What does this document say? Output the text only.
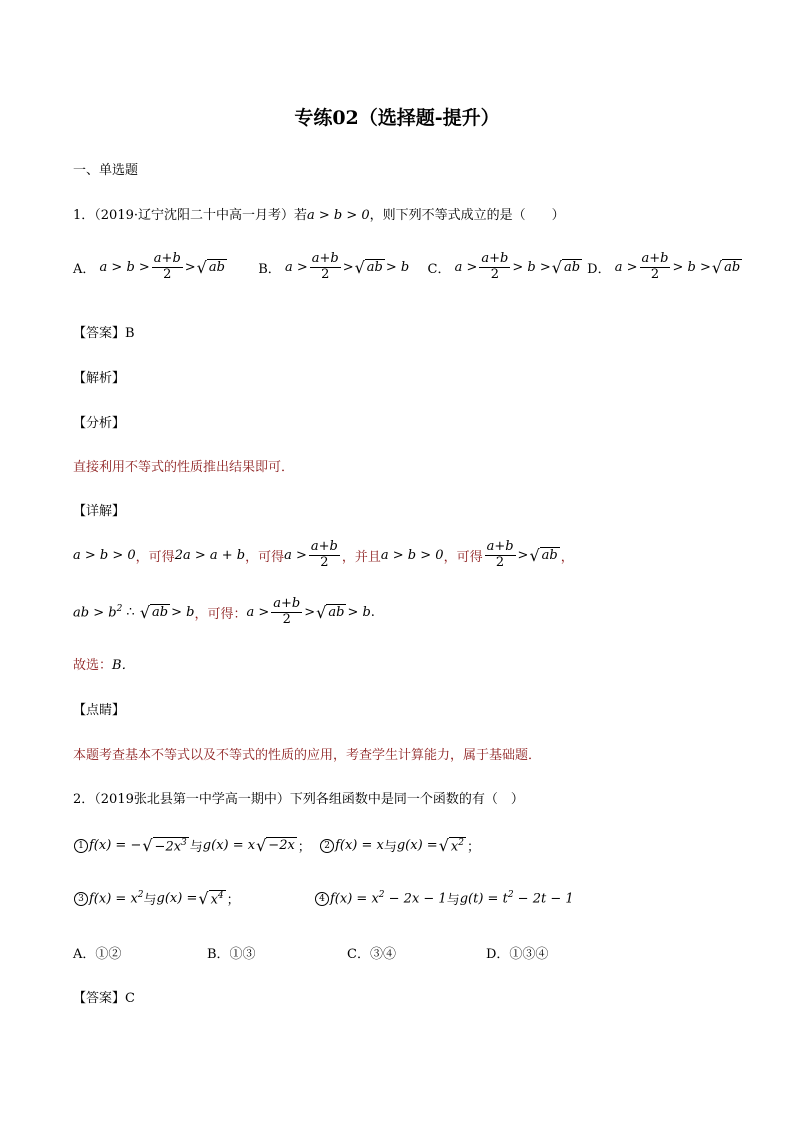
专练02（选择题-提升）
一、单选题
1．（2019·辽宁沈阳二十中高一月考）若a > b > 0，则下列不等式成立的是（　　）
A．
$a > b > \frac{a+b}{2}$ > √ ab
	B．
$a > \frac{a+b}{2}$ > √ ab > b
C．
$a > \frac{a+b}{2} > b$ > √ ab
D．
$a > \frac{a+b}{2} > b$ > √ ab
【答案】B
【解析】
【分析】
直接利用不等式的性质推出结果即可．
【详解】
a > b > 0 ，可得 2a > a + b ，可得 $a > \frac{a+b}{2}$ ，并且 a > b > 0 ，可得 $\frac{a+b}{2}$ > √ ab ，
ab > $b^2$ ∴ √ ab > b ，可得： $a > \frac{a+b}{2}$ > √ ab > b .
故选：B．
【点睛】
本题考查基本不等式以及不等式的性质的应用，考查学生计算能力，属于基础题．
2．（2019张北县第一中学高一期中）下列各组函数中是同一个函数的有（　）
1 f(x) = − √ $-2x^3$ 与 g(x) = x √ −2x ； 2 f(x) = x 与 g(x) = √ $x^2$ ；
3 $f(x) = x^2$ 与 g(x) = √ $x^4$ ；	4 $f(x) = x^2 - 2x - 1$ 与 $g(t) = t^2 - 2t - 1$
A．①②	B．①③	C．③④	D．①③④
【答案】C
